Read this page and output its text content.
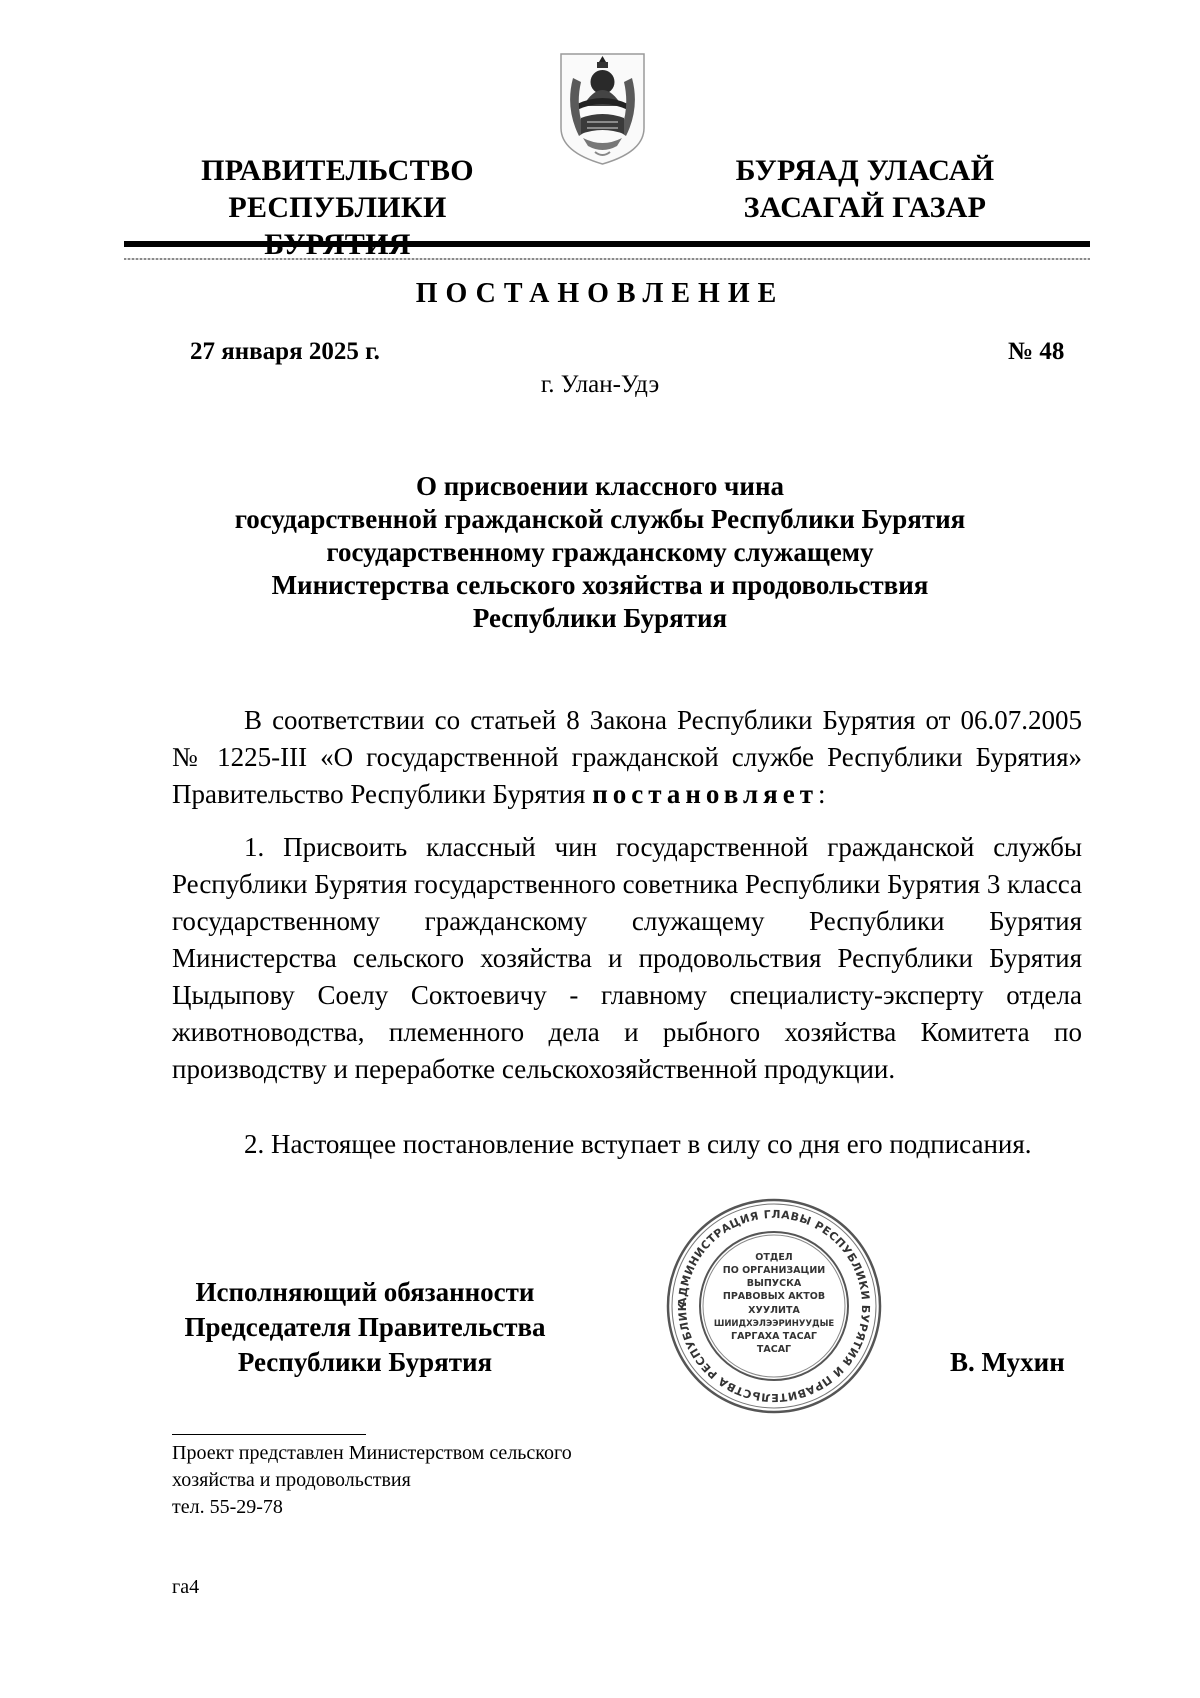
ПРАВИТЕЛЬСТВО
РЕСПУБЛИКИ
БУРЯАД УЛАСАЙ
ЗАСАГАЙ ГАЗАР
ПОСТАНОВЛЕНИЕ
27 января 2025 г.	№ 48
г. Улан-Удэ
О присвоении классного чина
государственной гражданской службы Республики Бурятия
государственному гражданскому служащему
Министерства сельского хозяйства и продовольствия
Республики Бурятия
В соответствии со статьей 8 Закона Республики Бурятия от 06.07.2005 № 1225-III «О государственной гражданской службе Республики Бурятия» Правительство Республики Бурятия постановляет:
1. Присвоить классный чин государственной гражданской службы Республики Бурятия государственного советника Республики Бурятия 3 класса государственному гражданскому служащему Республики Бурятия Министерства сельского хозяйства и продовольствия Республики Бурятия Цыдыпову Соелу Соктоевичу - главному специалисту-эксперту отдела животноводства, племенного дела и рыбного хозяйства Комитета по производству и переработке сельскохозяйственной продукции.
2. Настоящее постановление вступает в силу со дня его подписания.
АДМИНИСТРАЦИЯ ГЛАВЫ РЕСПУБЛИКИ БУРЯТИЯ И ПРАВИТЕЛЬСТВА РЕСПУБЛИК
ОТДЕЛ
ПО ОРГАНИЗАЦИИ
ВЫПУСКА
ПРАВОВЫХ АКТОВ
ХУУЛИТА
ШИИДХЭЛЭЭРИНУУДЫЕ
ГАРГАХА ТАСАГ
ТАСАГ
Исполняющий обязанности
Председателя Правительства
Республики Бурятия	В. Мухин
Проект представлен Министерством сельского
хозяйства и продовольствия
тел. 55-29-78
га4
